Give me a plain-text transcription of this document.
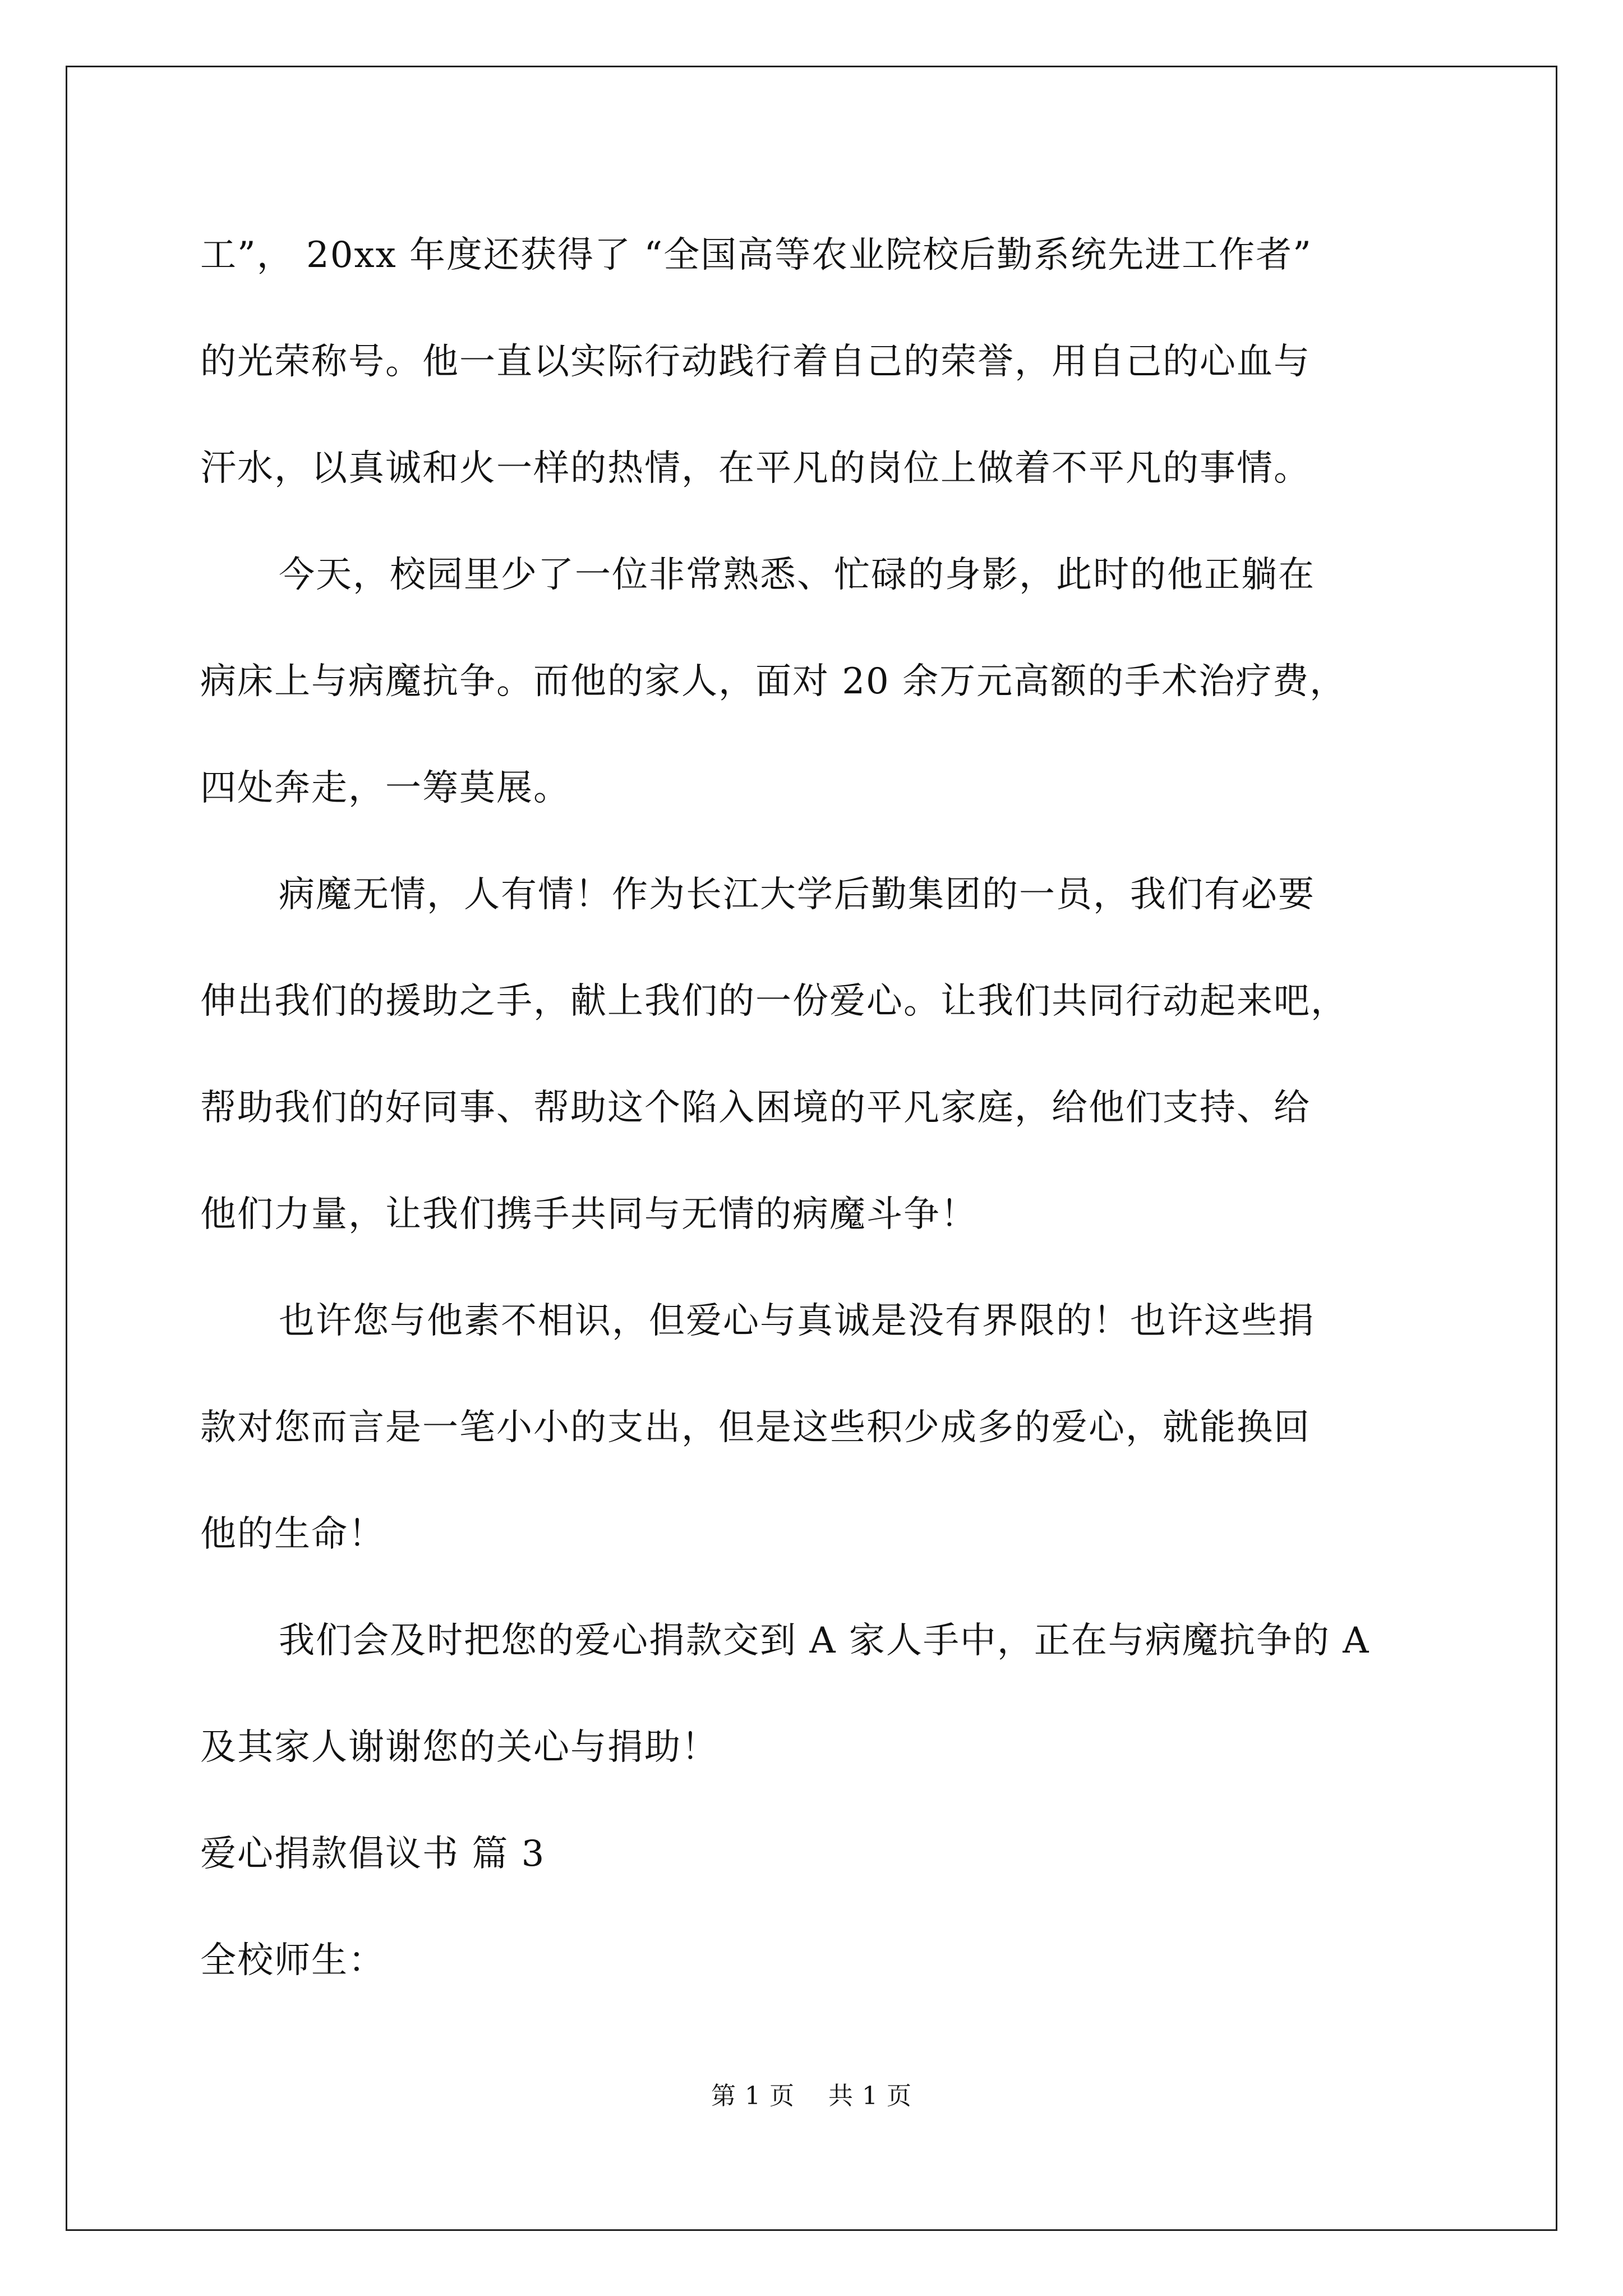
工”， 20xx 年度还获得了 “全国高等农业院校后勤系统先进工作者”
的光荣称号。他一直以实际行动践行着自己的荣誉，用自己的心血与
汗水，以真诚和火一样的热情，在平凡的岗位上做着不平凡的事情。
今天，校园里少了一位非常熟悉、忙碌的身影，此时的他正躺在
病床上与病魔抗争。而他的家人，面对 20 余万元高额的手术治疗费，
四处奔走，一筹莫展。
病魔无情，人有情！作为长江大学后勤集团的一员，我们有必要
伸出我们的援助之手，献上我们的一份爱心。让我们共同行动起来吧，
帮助我们的好同事、帮助这个陷入困境的平凡家庭，给他们支持、给
他们力量，让我们携手共同与无情的病魔斗争！
也许您与他素不相识，但爱心与真诚是没有界限的！也许这些捐
款对您而言是一笔小小的支出，但是这些积少成多的爱心，就能换回
他的生命！
我们会及时把您的爱心捐款交到 A 家人手中，正在与病魔抗争的 A
及其家人谢谢您的关心与捐助！
爱心捐款倡议书 篇 3
全校师生：
第 1 页 共 1 页
